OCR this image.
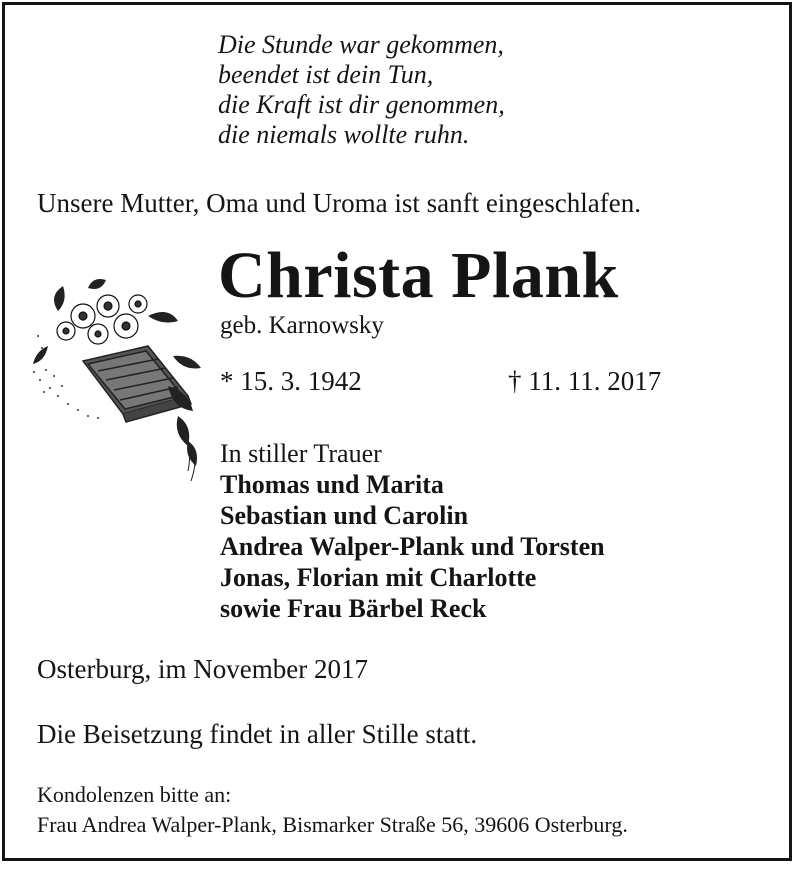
Die Stunde war gekommen,
beendet ist dein Tun,
die Kraft ist dir genommen,
die niemals wollte ruhn.
Unsere Mutter, Oma und Uroma ist sanft eingeschlafen.
Christa Plank
geb. Karnowsky
* 15. 3. 1942	† 11. 11. 2017
In stiller Trauer
Thomas und Marita
Sebastian und Carolin
Andrea Walper-Plank und Torsten
Jonas, Florian mit Charlotte
sowie Frau Bärbel Reck
Osterburg, im November 2017
Die Beisetzung findet in aller Stille statt.
Kondolenzen bitte an:
Frau Andrea Walper-Plank, Bismarker Straße 56, 39606 Osterburg.
